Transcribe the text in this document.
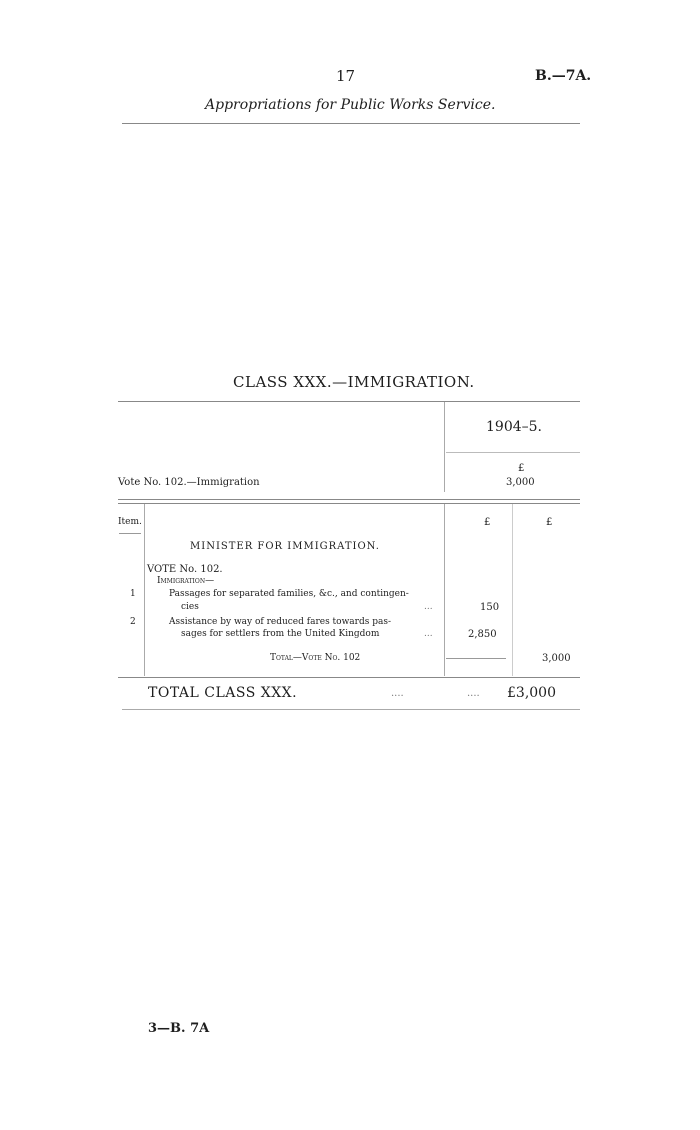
17	B.—7A.
Appropriations for Public Works Service.
CLASS XXX.—IMMIGRATION.
1904–5.
£
Vote No. 102.—Immigration	3,000
Item.	£	£
MINISTER FOR IMMIGRATION.
VOTE No. 102.
Immigration—
1	Passages for separated families, &c., and contingen-
cies	...	150
2	Assistance by way of reduced fares towards pas-
sages for settlers from the United Kingdom	...	2,850
Total—Vote No. 102	3,000
TOTAL CLASS XXX.	....	.... £3,000
3—B. 7A
